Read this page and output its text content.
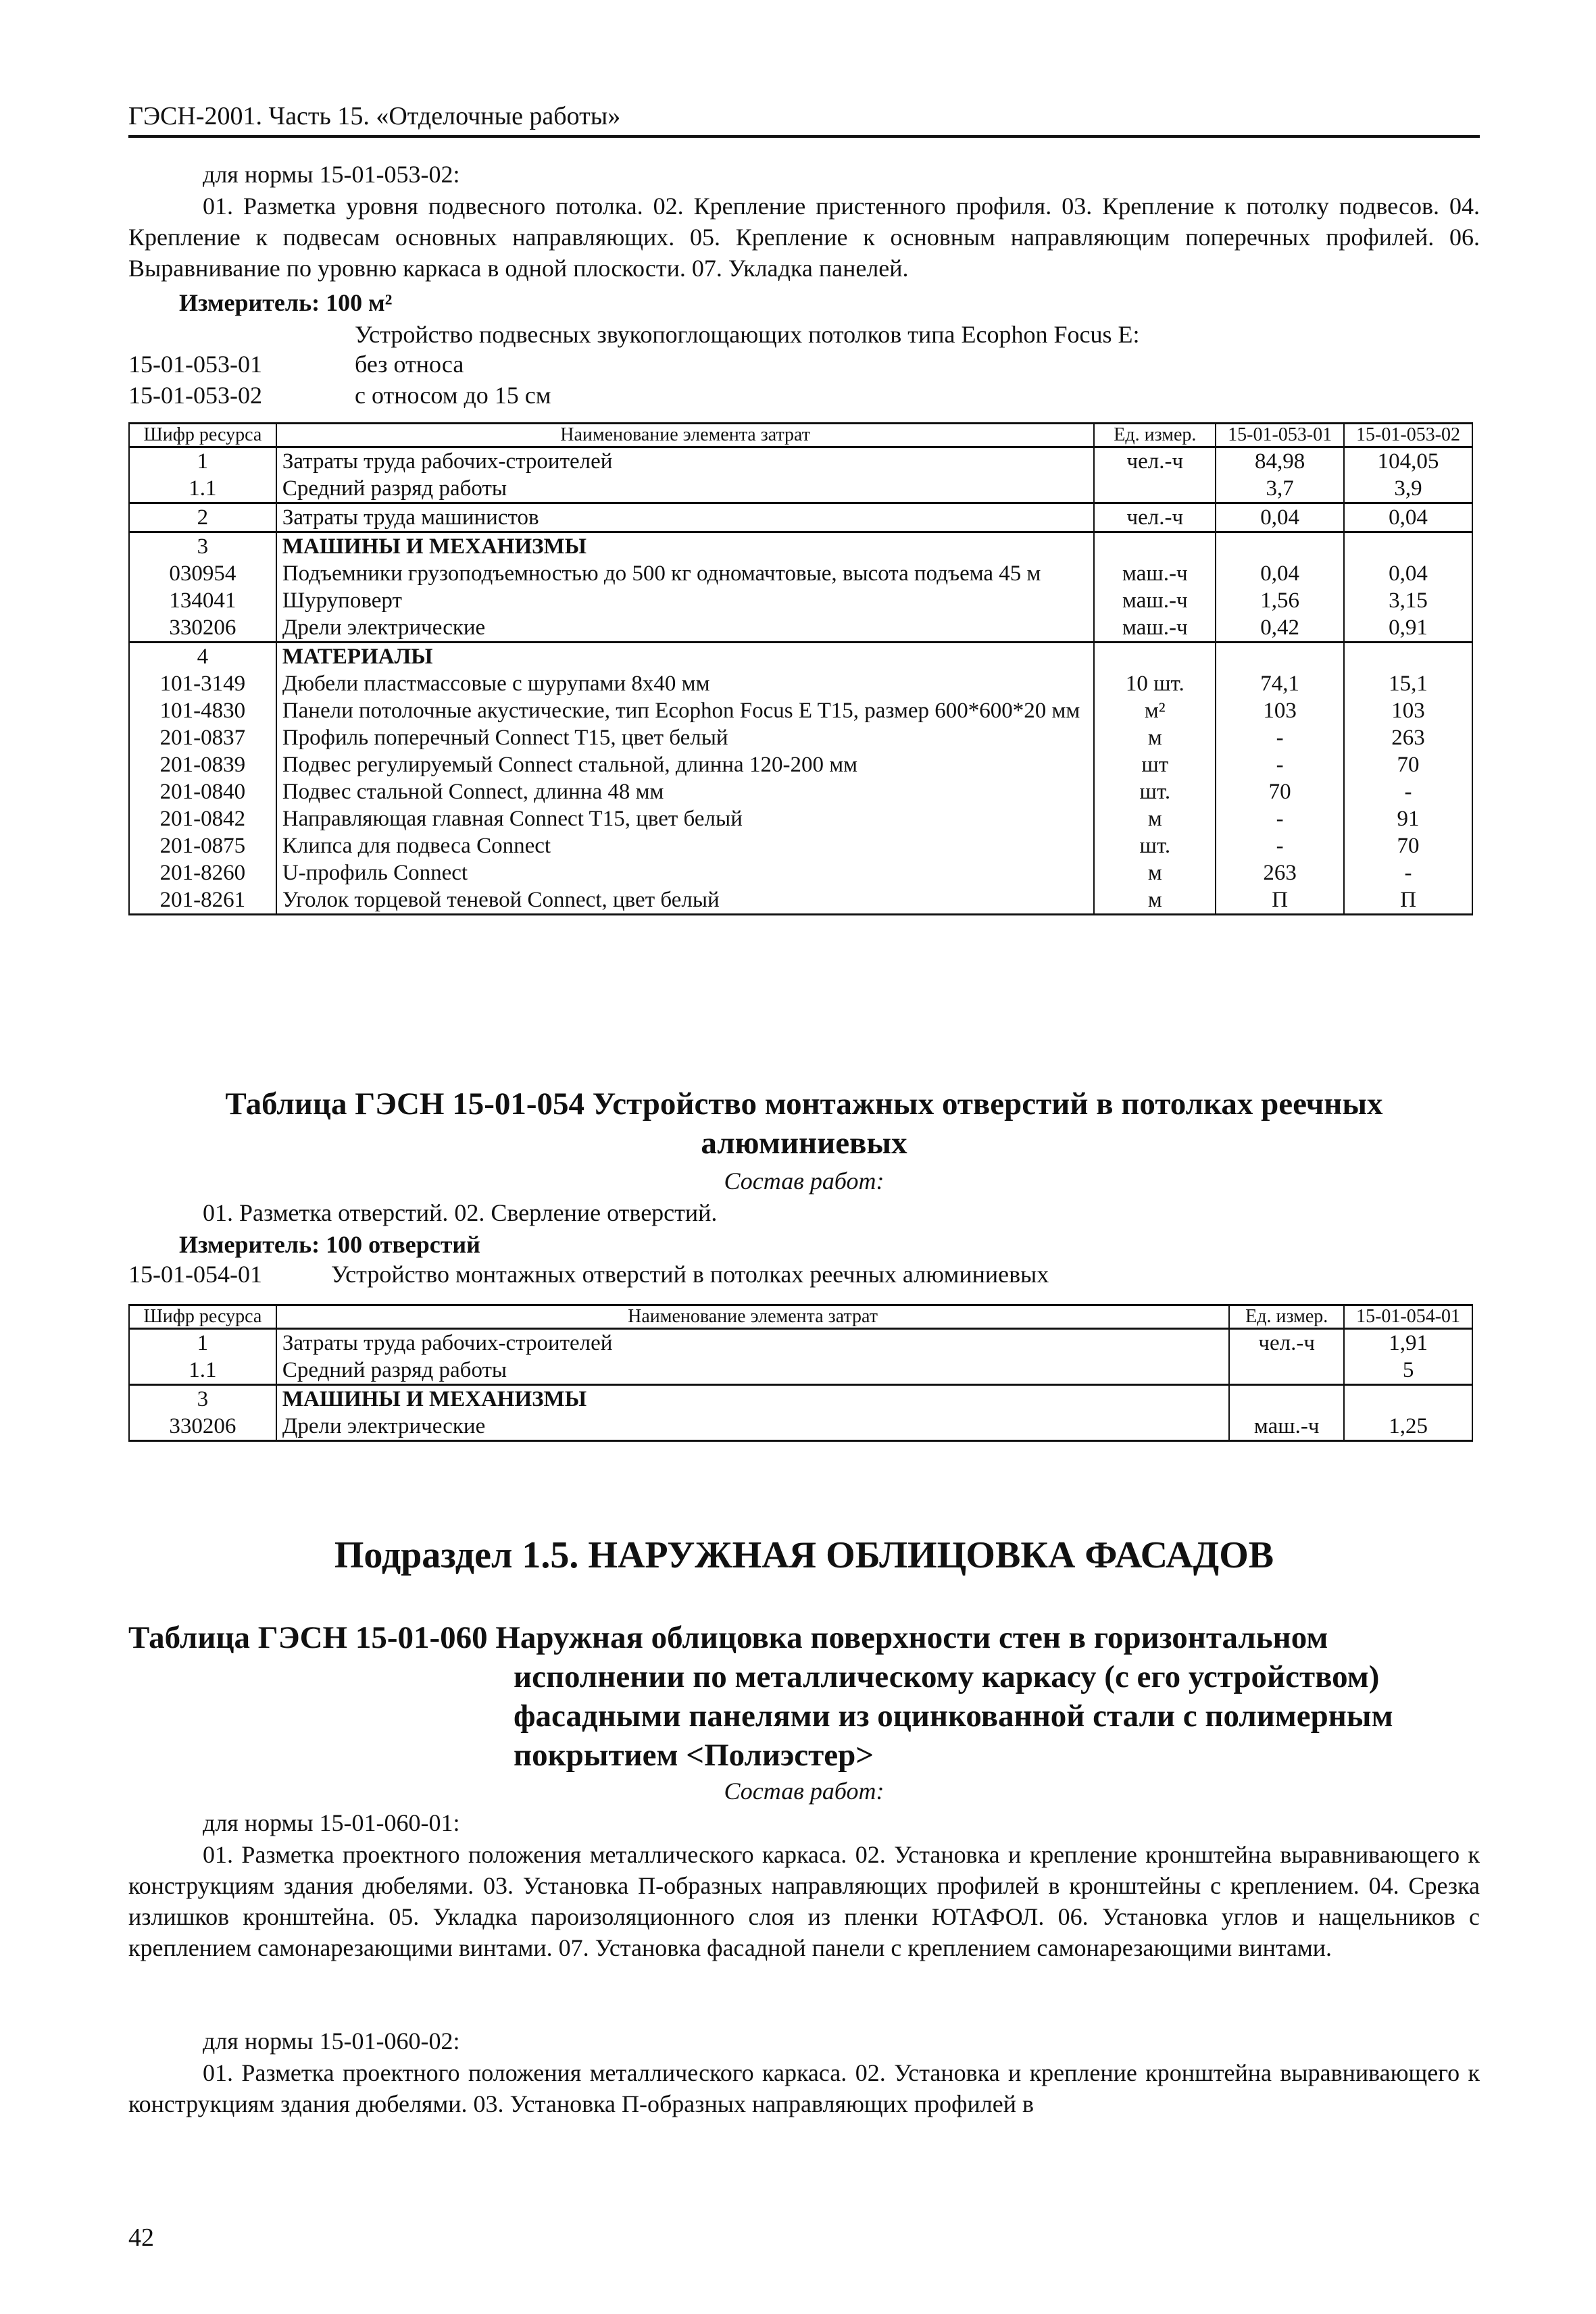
ГЭСН-2001. Часть 15. «Отделочные работы»
для нормы 15-01-053-02:
01. Разметка уровня подвесного потолка. 02. Крепление пристенного профиля. 03. Крепление к потолку подвесов. 04. Крепление к подвесам основных направляющих. 05. Крепление к основным направляющим поперечных профилей. 06. Выравнивание по уровню каркаса в одной плоскости. 07. Укладка панелей.
Измеритель: 100 м²
Устройство подвесных звукопоглощающих потолков типа Ecophon Focus E:
15-01-053-01	без относа
15-01-053-02	с относом до 15 см
Шифр ресурса	Наименование элемента затрат	Ед. измер.	15-01-053-01	15-01-053-02
1	Затраты труда рабочих-строителей	чел.-ч	84,98	104,05
1.1	Средний разряд работы		3,7	3,9
2	Затраты труда машинистов	чел.-ч	0,04	0,04
3	МАШИНЫ И МЕХАНИЗМЫ			
030954	Подъемники грузоподъемностью до 500 кг одномачтовые, высота подъема 45 м	маш.-ч	0,04	0,04
134041	Шуруповерт	маш.-ч	1,56	3,15
330206	Дрели электрические	маш.-ч	0,42	0,91
4	МАТЕРИАЛЫ			
101-3149	Дюбели пластмассовые с шурупами 8х40 мм	10 шт.	74,1	15,1
101-4830	Панели потолочные акустические, тип Ecophon Focus E T15, размер 600*600*20 мм	м²	103	103
201-0837	Профиль поперечный Connect T15, цвет белый	м	-	263
201-0839	Подвес регулируемый Connect стальной, длинна 120-200 мм	шт	-	70
201-0840	Подвес стальной Connect, длинна 48 мм	шт.	70	-
201-0842	Направляющая главная Connect T15, цвет белый	м	-	91
201-0875	Клипса для подвеса Connect	шт.	-	70
201-8260	U-профиль Connect	м	263	-
201-8261	Уголок торцевой теневой Connect, цвет белый	м	П	П
Таблица ГЭСН 15-01-054 Устройство монтажных отверстий в потолках реечных
алюминиевых
Состав работ:
01. Разметка отверстий. 02. Сверление отверстий.
Измеритель: 100 отверстий
15-01-054-01	Устройство монтажных отверстий в потолках реечных алюминиевых
Шифр ресурса	Наименование элемента затрат	Ед. измер.	15-01-054-01
1	Затраты труда рабочих-строителей	чел.-ч	1,91
1.1	Средний разряд работы		5
3	МАШИНЫ И МЕХАНИЗМЫ		
330206	Дрели электрические	маш.-ч	1,25
Подраздел 1.5. НАРУЖНАЯ ОБЛИЦОВКА ФАСАДОВ
Таблица ГЭСН 15-01-060 Наружная облицовка поверхности стен в горизонтальном
исполнении по металлическому каркасу (с его устройством)
фасадными панелями из оцинкованной стали с полимерным
покрытием <Полиэстер>
Состав работ:
для нормы 15-01-060-01:
01. Разметка проектного положения металлического каркаса. 02. Установка и крепление кронштейна выравнивающего к конструкциям здания дюбелями. 03. Установка П-образных направляющих профилей в кронштейны с креплением. 04. Срезка излишков кронштейна. 05. Укладка пароизоляционного слоя из пленки ЮТАФОЛ. 06. Установка углов и нащельников с креплением самонарезающими винтами. 07. Установка фасадной панели с креплением самонарезающими винтами.
для нормы 15-01-060-02:
01. Разметка проектного положения металлического каркаса. 02. Установка и крепление кронштейна выравнивающего к конструкциям здания дюбелями. 03. Установка П-образных направляющих профилей в
42
